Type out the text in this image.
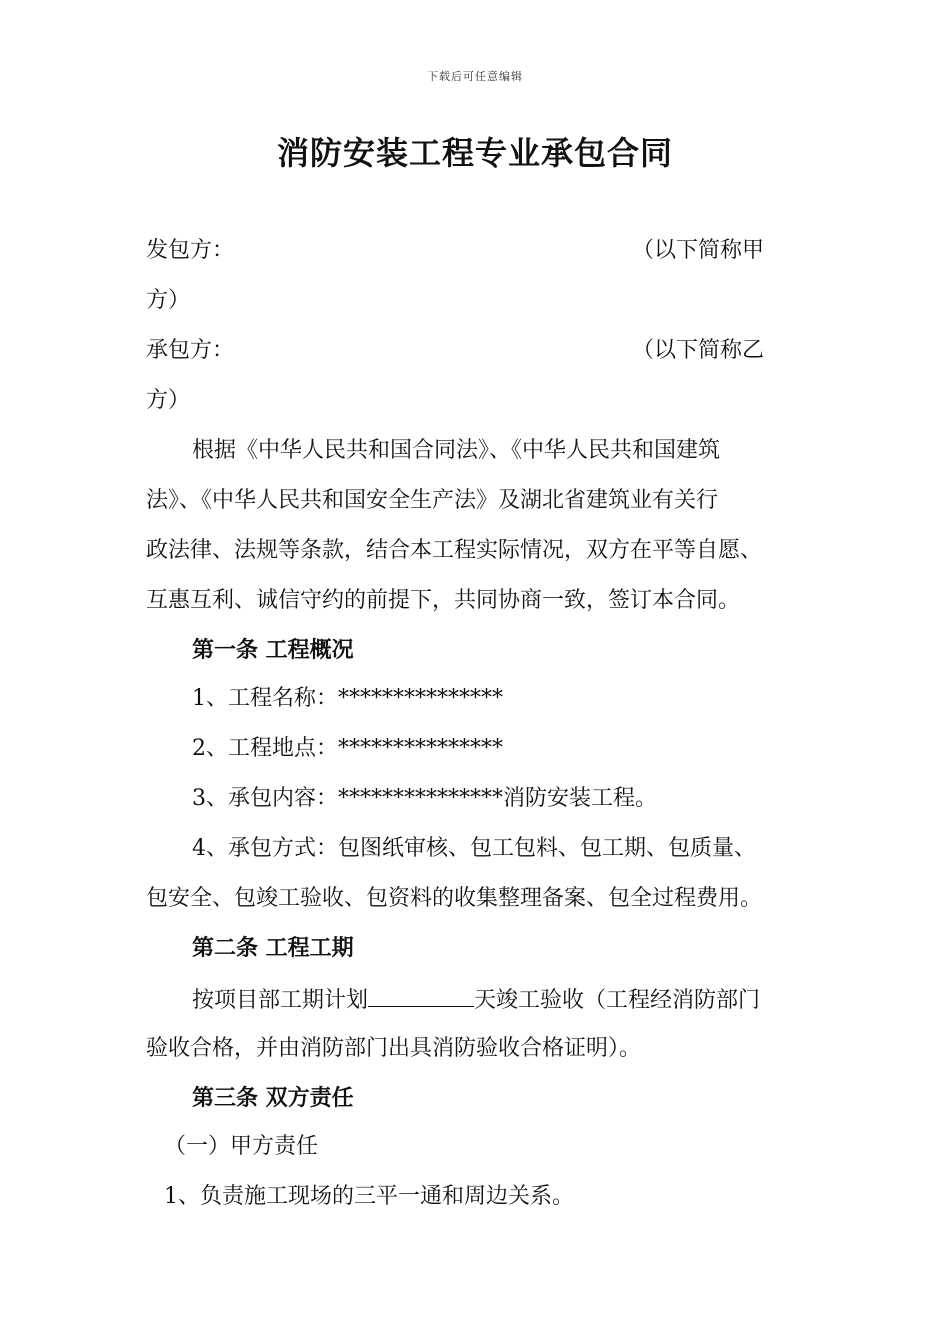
下载后可任意编辑
消防安装工程专业承包合同
发包方：	（以下简称甲
方）
承包方：	（以下简称乙
方）
根据《中华人民共和国合同法》、《中华人民共和国建筑
法》、《中华人民共和国安全生产法》及湖北省建筑业有关行
政法律、法规等条款，结合本工程实际情况，双方在平等自愿、
互惠互利、诚信守约的前提下，共同协商一致，签订本合同。
第一条 工程概况
1、工程名称：***************
2、工程地点：***************
3、承包内容：***************消防安装工程。
4、承包方式：包图纸审核、包工包料、包工期、包质量、
包安全、包竣工验收、包资料的收集整理备案、包全过程费用。
第二条 工程工期
按项目部工期计划	天竣工验收（工程经消防部门
验收合格，并由消防部门出具消防验收合格证明）。
第三条 双方责任
（一）甲方责任
1、负责施工现场的三平一通和周边关系。
